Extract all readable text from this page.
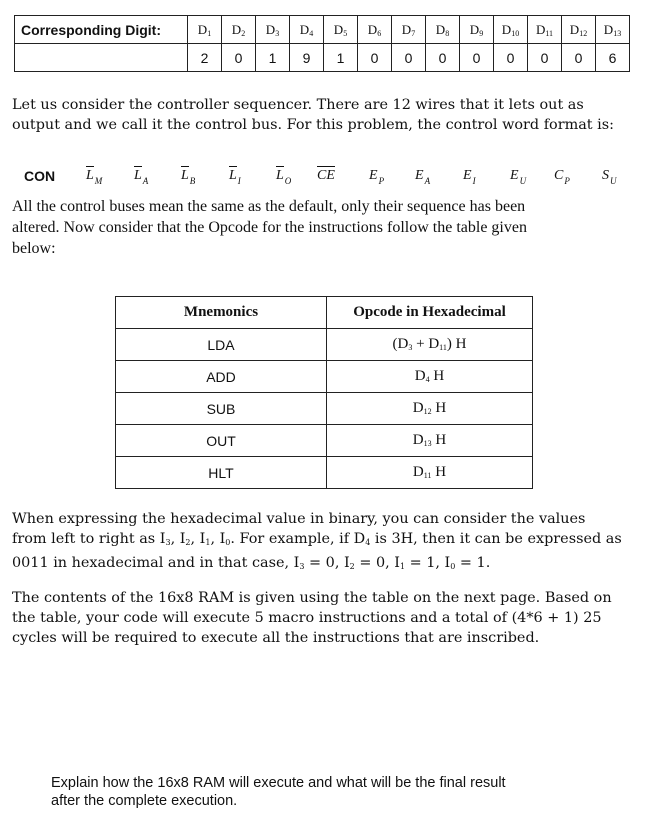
Corresponding Digit:	$D_1$	$D_2$	$D_3$	$D_4$	$D_5$	$D_6$	$D_7$	$D_8$	$D_9$	$D_{10}$	$D_{11}$	$D_{12}$	$D_{13}$
	2	0	1	9	1	0	0	0	0	0	0	0	6
Let us consider the controller sequencer. There are 12 wires that it lets out as
output and we call it the control bus. For this problem, the control word format is:
CON $L_M$ $L_A$ $L_B$ $L_I$	$L_O$ CE $E_P$ $E_A$ $E_I$ $E_U$ $C_P$ $S_U$
All the control buses mean the same as the default, only their sequence has been
altered. Now consider that the Opcode for the instructions follow the table given
below:
Mnemonics	Opcode in Hexadecimal
LDA	$(D_3 + D_{11})$ H
ADD	$D_4$ H
SUB	$D_{12}$ H
OUT	$D_{13}$ H
HLT	$D_{11}$ H
When expressing the hexadecimal value in binary, you can consider the values
from left to right as $I_3$, $I_2$, $I_1$, $I_0$. For example, if $D_4$ is 3H, then it can be expressed as
0011 in hexadecimal and in that case, $I_3 = 0$, $I_2 = 0$, $I_1 = 1$, $I_0 = 1$.
The contents of the 16x8 RAM is given using the table on the next page. Based on
the table, your code will execute 5 macro instructions and a total of (4*6 + 1) 25
cycles will be required to execute all the instructions that are inscribed.
Explain how the 16x8 RAM will execute and what will be the final result
after the complete execution.
